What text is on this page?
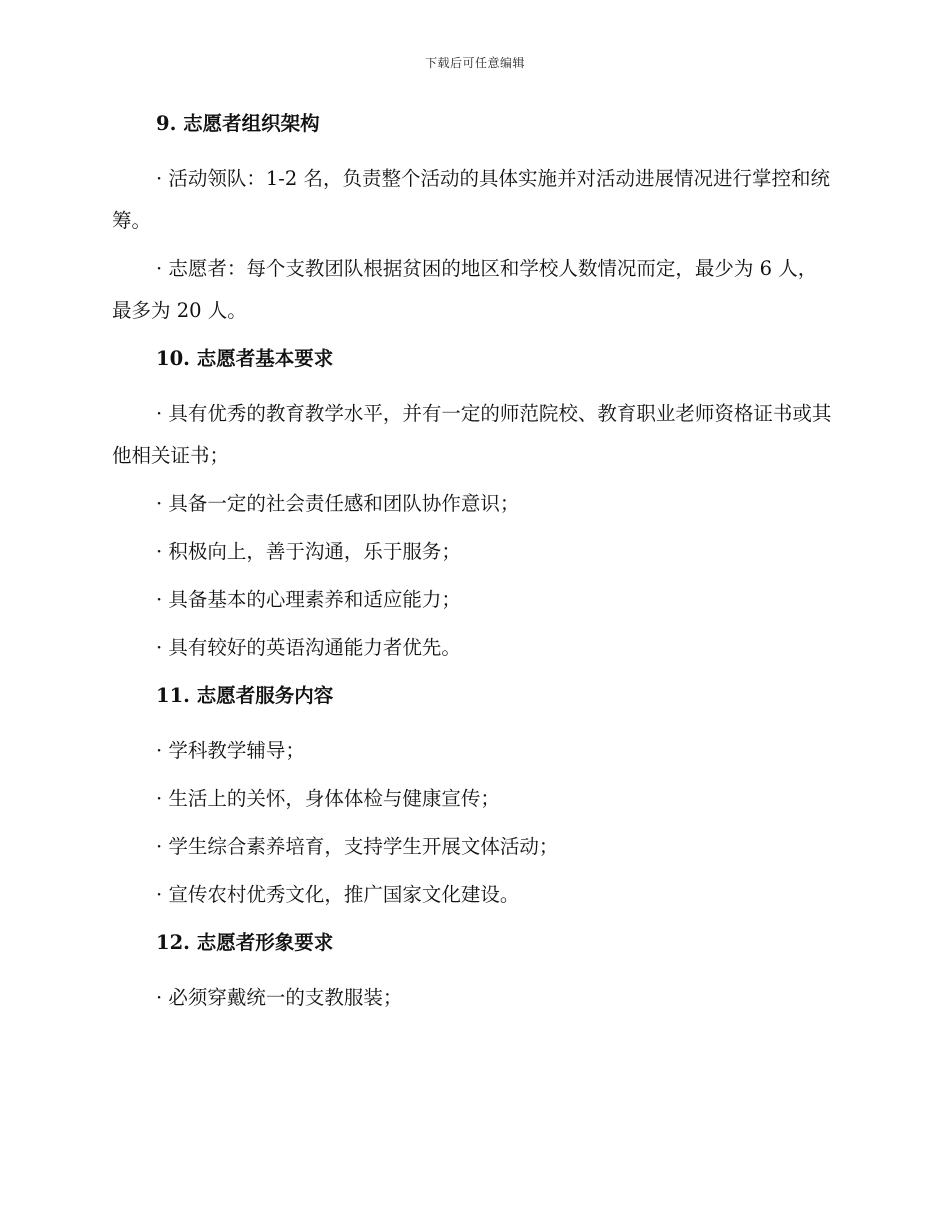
下载后可任意编辑
9. 志愿者组织架构

· 活动领队：1-2 名，负责整个活动的具体实施并对活动进展情况进行掌控和统筹。

· 志愿者：每个支教团队根据贫困的地区和学校人数情况而定，最少为 6 人，最多为 20 人。

10. 志愿者基本要求

· 具有优秀的教育教学水平，并有一定的师范院校、教育职业老师资格证书或其他相关证书；

· 具备一定的社会责任感和团队协作意识；

· 积极向上，善于沟通，乐于服务；

· 具备基本的心理素养和适应能力；

· 具有较好的英语沟通能力者优先。

11. 志愿者服务内容

· 学科教学辅导；

· 生活上的关怀，身体体检与健康宣传；

· 学生综合素养培育，支持学生开展文体活动；

· 宣传农村优秀文化，推广国家文化建设。

12. 志愿者形象要求

· 必须穿戴统一的支教服装；
